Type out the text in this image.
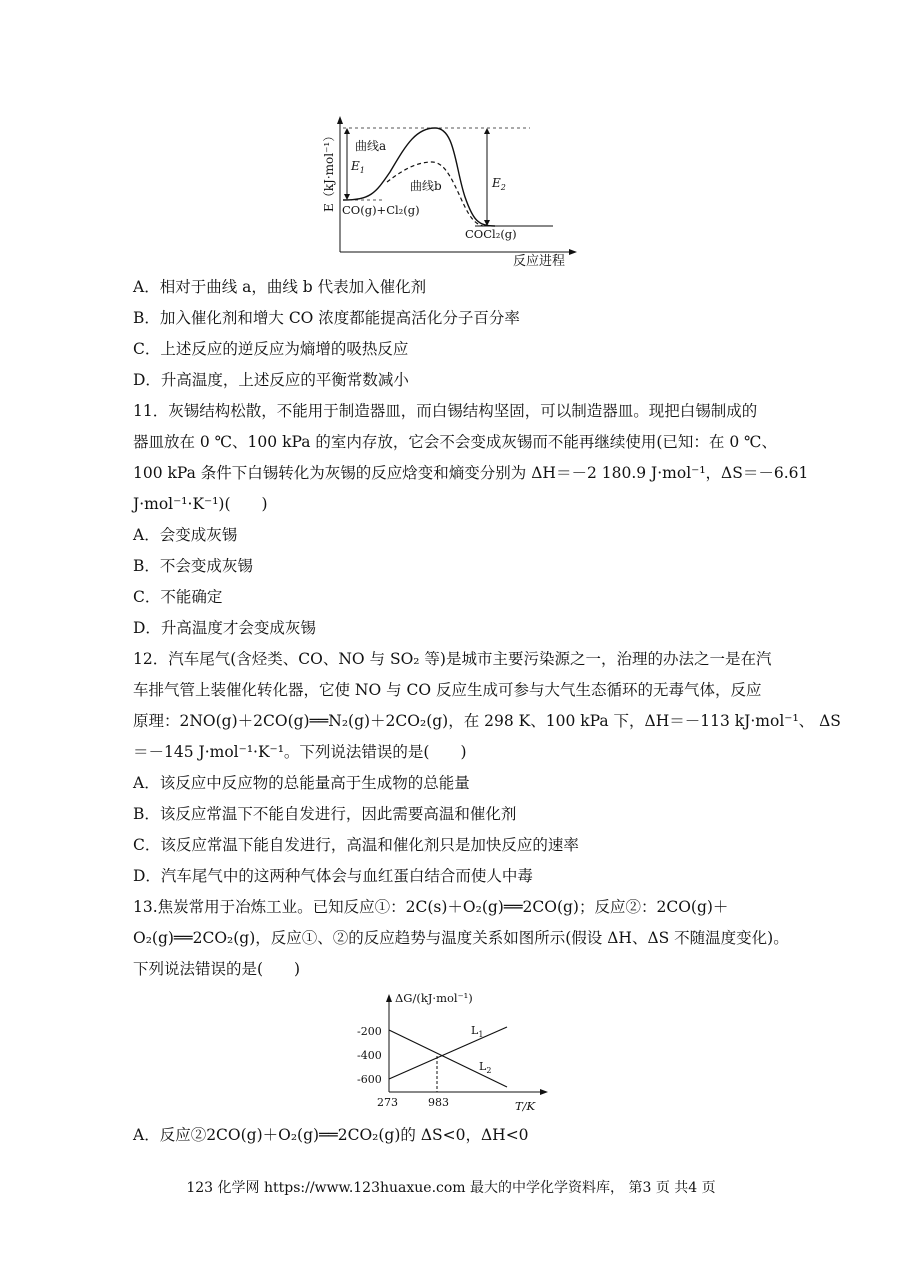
E（kJ·mol⁻¹）
反应进程
$E_1$
$E_2$
曲线a
曲线b
CO(g)+Cl₂(g)
COCl₂(g)
A．相对于曲线 a，曲线 b 代表加入催化剂
B．加入催化剂和增大 CO 浓度都能提高活化分子百分率
C．上述反应的逆反应为熵增的吸热反应
D．升高温度，上述反应的平衡常数减小
11．灰锡结构松散，不能用于制造器皿，而白锡结构坚固，可以制造器皿。现把白锡制成的
器皿放在 0 ℃、100 kPa 的室内存放，它会不会变成灰锡而不能再继续使用(已知：在 0 ℃、
100 kPa 条件下白锡转化为灰锡的反应焓变和熵变分别为 ΔH＝－2 180.9 J·mol⁻¹，ΔS＝－6.61
J·mol⁻¹·K⁻¹)(　　)
A．会变成灰锡
B．不会变成灰锡
C．不能确定
D．升高温度才会变成灰锡
12．汽车尾气(含烃类、CO、NO 与 SO₂ 等)是城市主要污染源之一，治理的办法之一是在汽
车排气管上装催化转化器，它使 NO 与 CO 反应生成可参与大气生态循环的无毒气体，反应
原理：2NO(g)＋2CO(g)══N₂(g)＋2CO₂(g)，在 298 K、100 kPa 下，ΔH＝－113 kJ·mol⁻¹、 ΔS
＝－145 J·mol⁻¹·K⁻¹。下列说法错误的是(　　)
A．该反应中反应物的总能量高于生成物的总能量
B．该反应常温下不能自发进行，因此需要高温和催化剂
C．该反应常温下能自发进行，高温和催化剂只是加快反应的速率
D．汽车尾气中的这两种气体会与血红蛋白结合而使人中毒
13.焦炭常用于冶炼工业。已知反应①：2C(s)＋O₂(g)══2CO(g)；反应②：2CO(g)＋
O₂(g)══2CO₂(g)，反应①、②的反应趋势与温度关系如图所示(假设 ΔH、ΔS 不随温度变化)。
下列说法错误的是(　　)
ΔG/(kJ·mol⁻¹)
T/K
-200
-400
-600
273	983
$L_1$
$L_2$
A．反应②2CO(g)＋O₂(g)══2CO₂(g)的 ΔS<0，ΔH<0
123 化学网 https://www.123huaxue.com 最大的中学化学资料库， 第3 页 共4 页
